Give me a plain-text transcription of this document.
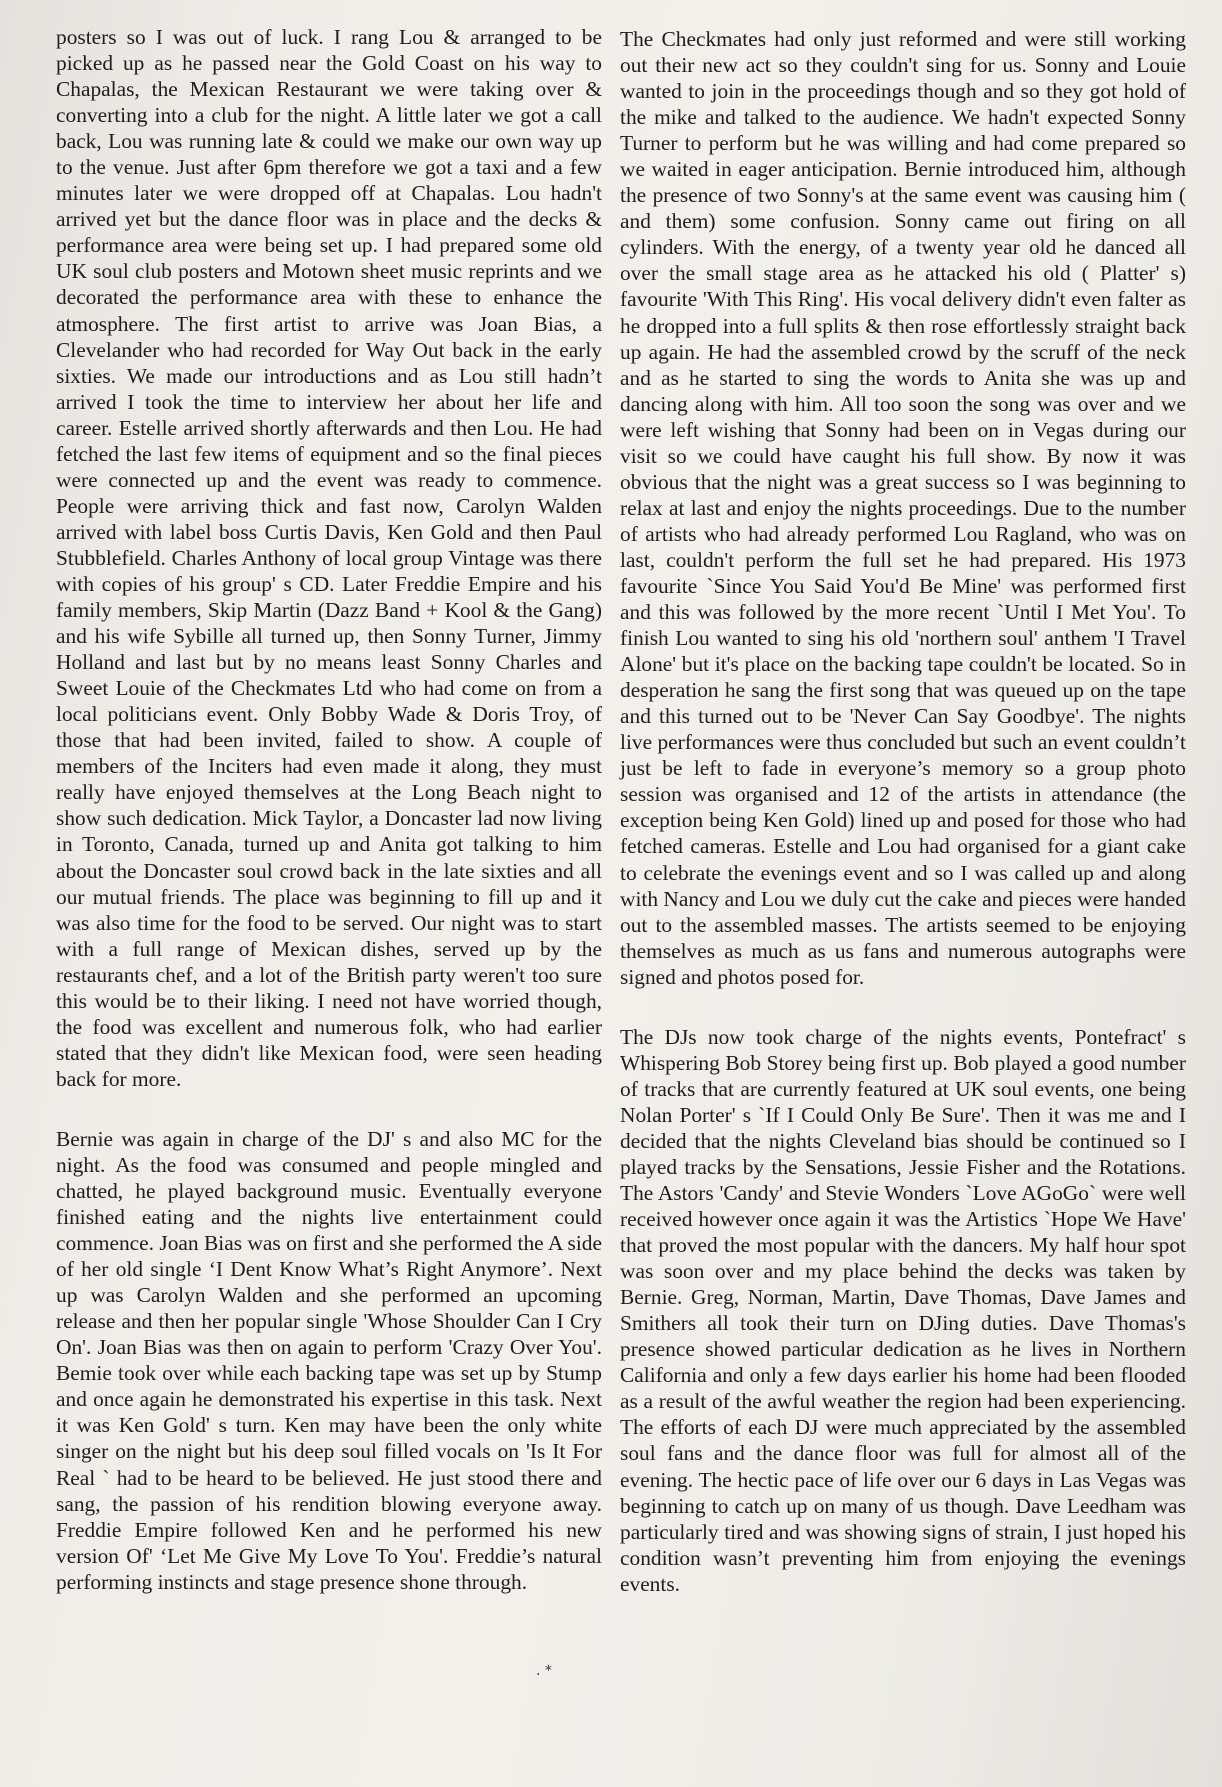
posters so I was out of luck. I rang Lou & arranged to be picked up as he passed near the Gold Coast on his way to Chapalas, the Mexican Restaurant we were taking over & converting into a club for the night. A little later we got a call back, Lou was running late & could we make our own way up to the venue. Just after 6pm therefore we got a taxi and a few minutes later we were dropped off at Chapalas. Lou hadn't arrived yet but the dance floor was in place and the decks & performance area were being set up. I had prepared some old UK soul club posters and Motown sheet music reprints and we decorated the performance area with these to enhance the atmosphere. The first artist to arrive was Joan Bias, a Clevelander who had recorded for Way Out back in the early sixties. We made our introductions and as Lou still hadn’t arrived I took the time to interview her about her life and career. Estelle arrived shortly afterwards and then Lou. He had fetched the last few items of equipment and so the final pieces were connected up and the event was ready to commence. People were arriving thick and fast now, Carolyn Walden arrived with label boss Curtis Davis, Ken Gold and then Paul Stubblefield. Charles Anthony of local group Vintage was there with copies of his group' s CD. Later Freddie Empire and his family members, Skip Martin (Dazz Band + Kool & the Gang) and his wife Sybille all turned up, then Sonny Turner, Jimmy Holland and last but by no means least Sonny Charles and Sweet Louie of the Checkmates Ltd who had come on from a local politicians event. Only Bobby Wade & Doris Troy, of those that had been invited, failed to show. A couple of members of the Inciters had even made it along, they must really have enjoyed themselves at the Long Beach night to show such dedication. Mick Taylor, a Doncaster lad now living in Toronto, Canada, turned up and Anita got talking to him about the Doncaster soul crowd back in the late sixties and all our mutual friends. The place was beginning to fill up and it was also time for the food to be served. Our night was to start with a full range of Mexican dishes, served up by the restaurants chef, and a lot of the British party weren't too sure this would be to their liking. I need not have worried though, the food was excellent and numerous folk, who had earlier stated that they didn't like Mexican food, were seen heading back for more.

Bernie was again in charge of the DJ' s and also MC for the night. As the food was consumed and people mingled and chatted, he played background music. Eventually everyone finished eating and the nights live entertainment could commence. Joan Bias was on first and she performed the A side of her old single ‘I Dent Know What’s Right Anymore’. Next up was Carolyn Walden and she performed an upcoming release and then her popular single 'Whose Shoulder Can I Cry On'. Joan Bias was then on again to perform 'Crazy Over You'. Bemie took over while each backing tape was set up by Stump and once again he demonstrated his expertise in this task. Next it was Ken Gold' s turn. Ken may have been the only white singer on the night but his deep soul filled vocals on 'Is It For Real ` had to be heard to be believed. He just stood there and sang, the passion of his rendition blowing everyone away. Freddie Empire followed Ken and he performed his new version Of' ‘Let Me Give My Love To You'. Freddie’s natural performing instincts and stage presence shone through.

The Checkmates had only just reformed and were still working out their new act so they couldn't sing for us. Sonny and Louie wanted to join in the proceedings though and so they got hold of the mike and talked to the audience. We hadn't expected Sonny Turner to perform but he was willing and had come prepared so we waited in eager anticipation. Bernie introduced him, although the presence of two Sonny's at the same event was causing him ( and them) some confusion. Sonny came out firing on all cylinders. With the energy, of a twenty year old he danced all over the small stage area as he attacked his old ( Platter' s) favourite 'With This Ring'. His vocal delivery didn't even falter as he dropped into a full splits & then rose effortlessly straight back up again. He had the assembled crowd by the scruff of the neck and as he started to sing the words to Anita she was up and dancing along with him. All too soon the song was over and we were left wishing that Sonny had been on in Vegas during our visit so we could have caught his full show. By now it was obvious that the night was a great success so I was beginning to relax at last and enjoy the nights proceedings. Due to the number of artists who had already performed Lou Ragland, who was on last, couldn't perform the full set he had prepared. His 1973 favourite `Since You Said You'd Be Mine' was performed first and this was followed by the more recent `Until I Met You'. To finish Lou wanted to sing his old 'northern soul' anthem 'I Travel Alone' but it's place on the backing tape couldn't be located. So in desperation he sang the first song that was queued up on the tape and this turned out to be 'Never Can Say Goodbye'. The nights live performances were thus concluded but such an event couldn’t just be left to fade in everyone’s memory so a group photo session was organised and 12 of the artists in attendance (the exception being Ken Gold) lined up and posed for those who had fetched cameras. Estelle and Lou had organised for a giant cake to celebrate the evenings event and so I was called up and along with Nancy and Lou we duly cut the cake and pieces were handed out to the assembled masses. The artists seemed to be enjoying themselves as much as us fans and numerous autographs were signed and photos posed for.

The DJs now took charge of the nights events, Pontefract' s Whispering Bob Storey being first up. Bob played a good number of tracks that are currently featured at UK soul events, one being Nolan Porter' s `If I Could Only Be Sure'. Then it was me and I decided that the nights Cleveland bias should be continued so I played tracks by the Sensations, Jessie Fisher and the Rotations. The Astors 'Candy' and Stevie Wonders `Love AGoGo` were well received however once again it was the Artistics `Hope We Have' that proved the most popular with the dancers. My half hour spot was soon over and my place behind the decks was taken by Bernie. Greg, Norman, Martin, Dave Thomas, Dave James and Smithers all took their turn on DJing duties. Dave Thomas's presence showed particular dedication as he lives in Northern California and only a few days earlier his home had been flooded as a result of the awful weather the region had been experiencing. The efforts of each DJ were much appreciated by the assembled soul fans and the dance floor was full for almost all of the evening. The hectic pace of life over our 6 days in Las Vegas was beginning to catch up on many of us though. Dave Leedham was particularly tired and was showing signs of strain, I just hoped his condition wasn’t preventing him from enjoying the evenings events.

. *
